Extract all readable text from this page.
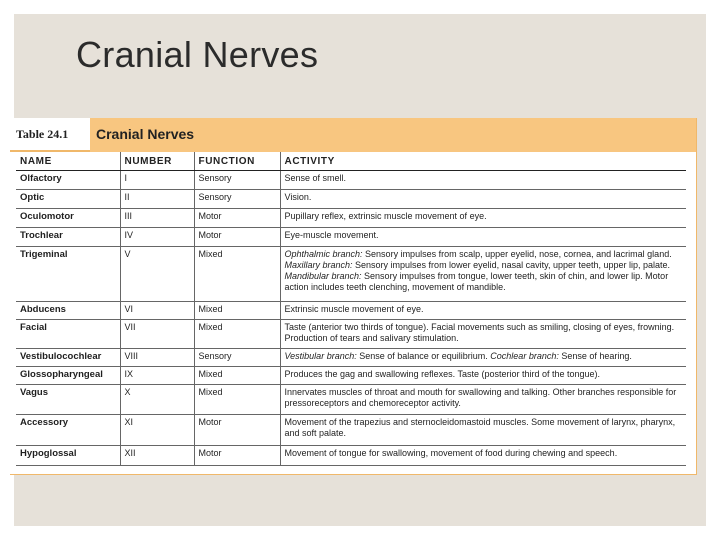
Cranial Nerves
Table 24.1	Cranial Nerves
NAME	NUMBER	FUNCTION	ACTIVITY
Olfactory	I	Sensory	Sense of smell.
Optic	II	Sensory	Vision.
Oculomotor	III	Motor	Pupillary reflex, extrinsic muscle movement of eye.
Trochlear	IV	Motor	Eye-muscle movement.
Trigeminal	V	Mixed	Ophthalmic branch: Sensory impulses from scalp, upper eyelid, nose, cornea, and lacrimal gland. Maxillary branch: Sensory impulses from lower eyelid, nasal cavity, upper teeth, upper lip, palate. Mandibular branch: Sensory impulses from tongue, lower teeth, skin of chin, and lower lip. Motor action includes teeth clenching, movement of mandible.
Abducens	VI	Mixed	Extrinsic muscle movement of eye.
Facial	VII	Mixed	Taste (anterior two thirds of tongue). Facial movements such as smiling, closing of eyes, frowning. Production of tears and salivary stimulation.
Vestibulocochlear	VIII	Sensory	Vestibular branch: Sense of balance or equilibrium. Cochlear branch: Sense of hearing.
Glossopharyngeal	IX	Mixed	Produces the gag and swallowing reflexes. Taste (posterior third of the tongue).
Vagus	X	Mixed	Innervates muscles of throat and mouth for swallowing and talking. Other branches responsible for pressoreceptors and chemoreceptor activity.
Accessory	XI	Motor	Movement of the trapezius and sternocleidomastoid muscles. Some movement of larynx, pharynx, and soft palate.
Hypoglossal	XII	Motor	Movement of tongue for swallowing, movement of food during chewing and speech.
